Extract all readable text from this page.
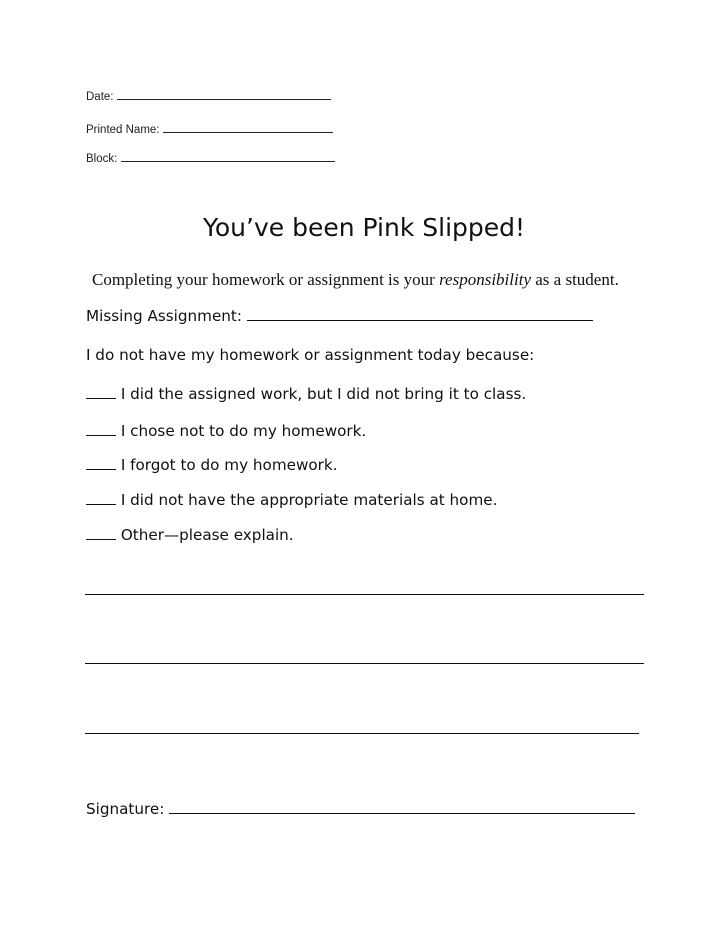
Date:
Printed Name:
Block:
You’ve been Pink Slipped!
Completing your homework or assignment is your responsibility as a student.
Missing Assignment:
I do not have my homework or assignment today because:
I did the assigned work, but I did not bring it to class.
I chose not to do my homework.
I forgot to do my homework.
I did not have the appropriate materials at home.
Other—please explain.
Signature:
